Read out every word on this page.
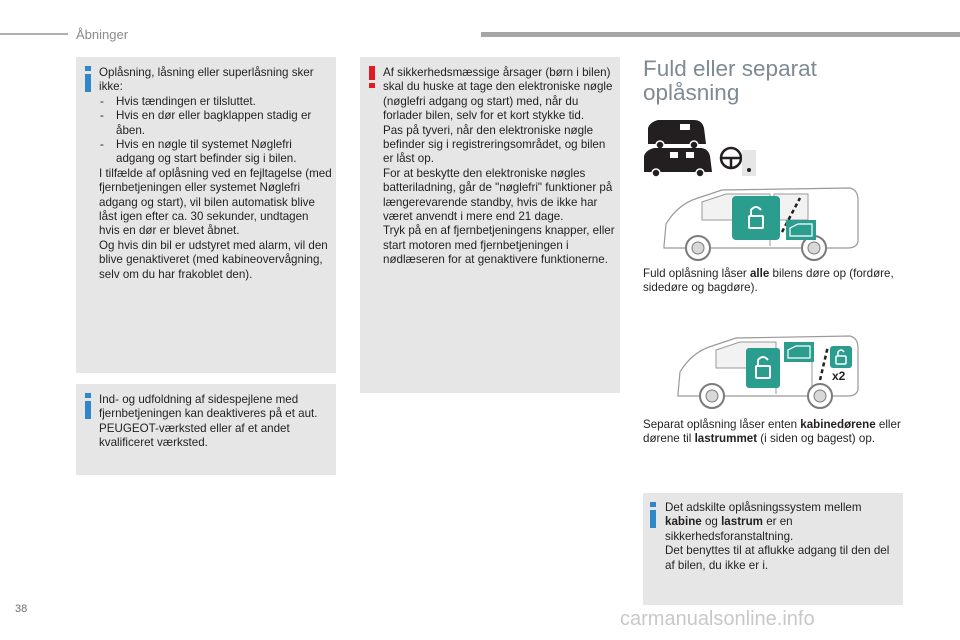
Åbninger

Oplåsning, låsning eller superlåsning sker ikke:

- Hvis tændingen er tilsluttet.
- Hvis en dør eller bagklappen stadig er åben.
- Hvis en nøgle til systemet Nøglefri adgang og start befinder sig i bilen.

I tilfælde af oplåsning ved en fejltagelse (med fjernbetjeningen eller systemet Nøglefri adgang og start), vil bilen automatisk blive låst igen efter ca. 30 sekunder, undtagen hvis en dør er blevet åbnet.

Og hvis din bil er udstyret med alarm, vil den blive genaktiveret (med kabineovervågning, selv om du har frakoblet den).

Ind- og udfoldning af sidespejlene med fjernbetjeningen kan deaktiveres på et aut. PEUGEOT-værksted eller af et andet kvalificeret værksted.

Af sikkerhedsmæssige årsager (børn i bilen) skal du huske at tage den elektroniske nøgle (nøglefri adgang og start) med, når du forlader bilen, selv for et kort stykke tid.

Pas på tyveri, når den elektroniske nøgle befinder sig i registreringsområdet, og bilen er låst op.

For at beskytte den elektroniske nøgles batteriladning, går de "nøglefri" funktioner på længerevarende standby, hvis de ikke har været anvendt i mere end 21 dage.

Tryk på en af fjernbetjeningens knapper, eller start motoren med fjernbetjeningen i nødlæseren for at genaktivere funktionerne.

Fuld eller separat
oplåsning
Fuld oplåsning låser alle bilens døre op (fordøre, sidedøre og bagdøre).
x2
Separat oplåsning låser enten kabinedørene eller dørene til lastrummet (i siden og bagest) op.

Det adskilte oplåsningssystem mellem kabine og lastrum er en sikkerhedsforanstaltning.

Det benyttes til at aflukke adgang til den del af bilen, du ikke er i.

38	carmanualsonline.info
